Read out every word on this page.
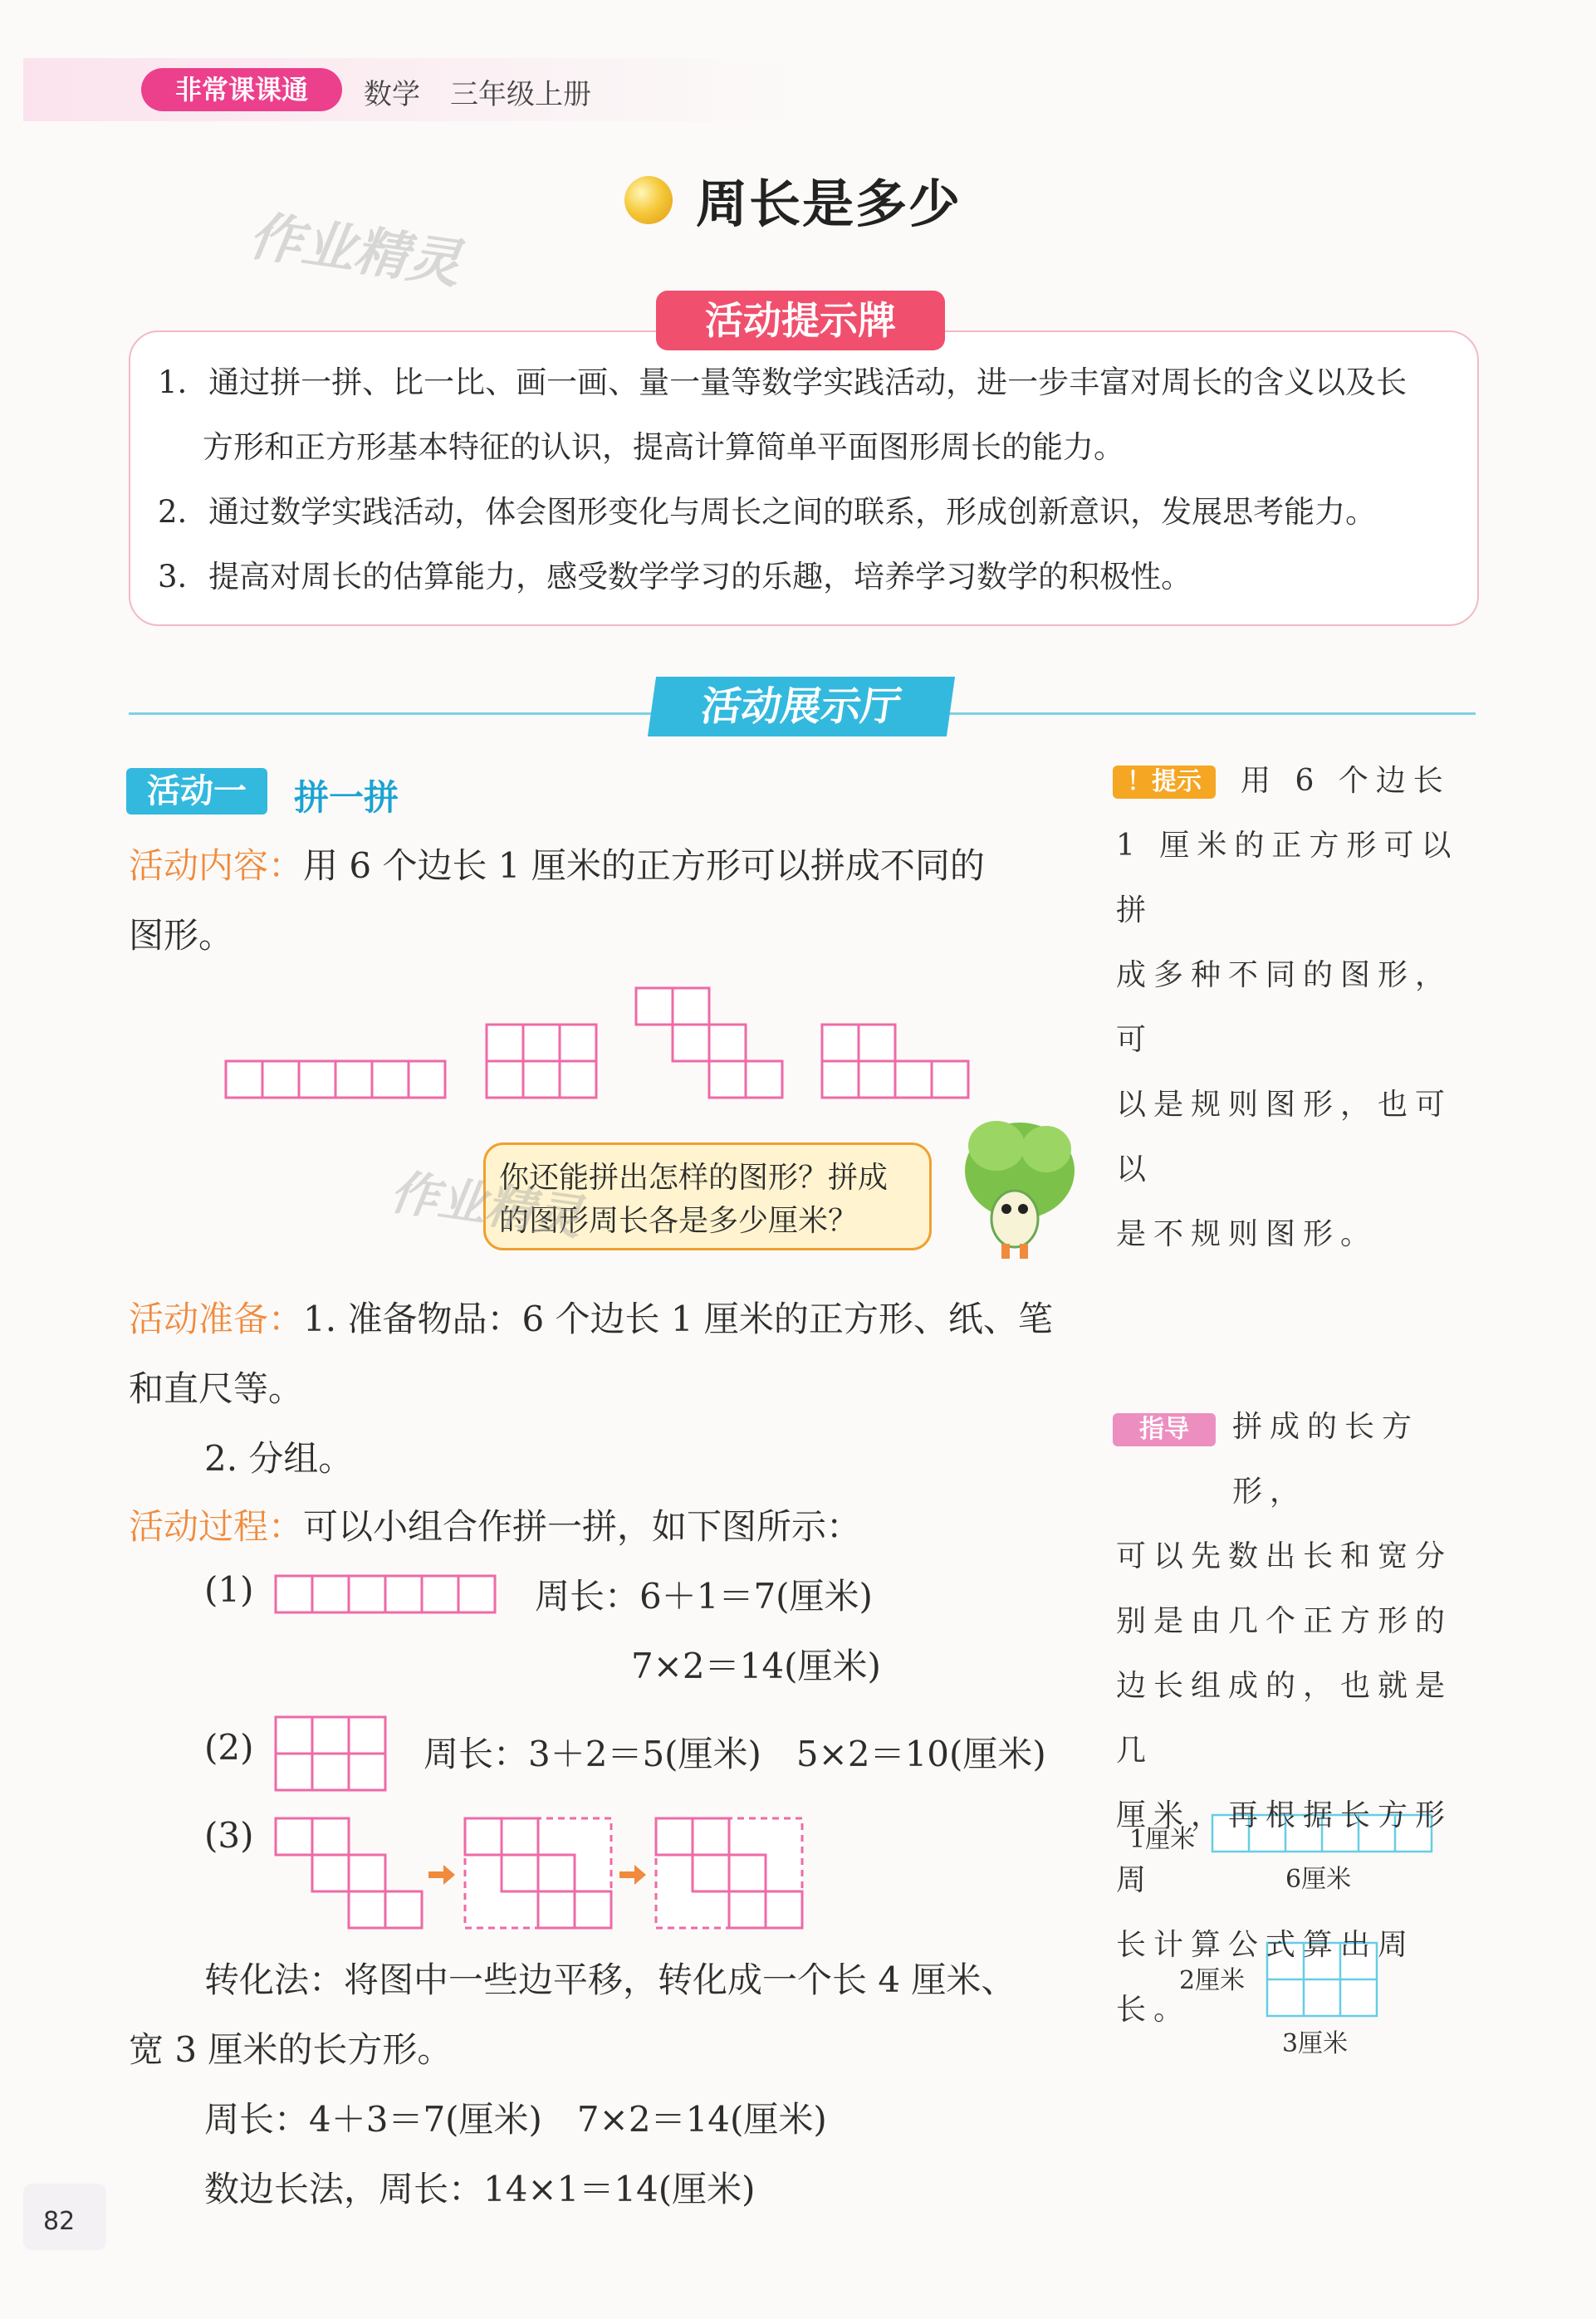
非常课课通	数学 三年级上册
周长是多少
作业精灵
活动提示牌
1. 通过拼一拼、比一比、画一画、量一量等数学实践活动，进一步丰富对周长的含义以及长
方形和正方形基本特征的认识，提高计算简单平面图形周长的能力。
2. 通过数学实践活动，体会图形变化与周长之间的联系，形成创新意识，发展思考能力。
3. 提高对周长的估算能力，感受数学学习的乐趣，培养学习数学的积极性。
活动展示厅
活动一	拼一拼
活动内容：用 6 个边长 1 厘米的正方形可以拼成不同的
图形。
你还能拼出怎样的图形？拼成
的图形周长各是多少厘米？
作业精灵
活动准备：1. 准备物品：6 个边长 1 厘米的正方形、纸、笔
和直尺等。
2. 分组。
活动过程：可以小组合作拼一拼，如下图所示：
(1)	周长：6＋1＝7(厘米)
7×2＝14(厘米)
(2)	周长：3＋2＝5(厘米)　5×2＝10(厘米)
(3)
转化法：将图中一些边平移，转化成一个长 4 厘米、
宽 3 厘米的长方形。
周长：4＋3＝7(厘米)　7×2＝14(厘米)
数边长法，周长：14×1＝14(厘米)
！提示	用 6 个边长
1 厘米的正方形可以拼
成多种不同的图形，可
以是规则图形，也可以
是不规则图形。
指导	拼成的长方形，
可以先数出长和宽分
别是由几个正方形的
边长组成的，也就是几
厘米，再根据长方形周
长计算公式算出周长。
1厘米
6厘米
2厘米
3厘米
82
